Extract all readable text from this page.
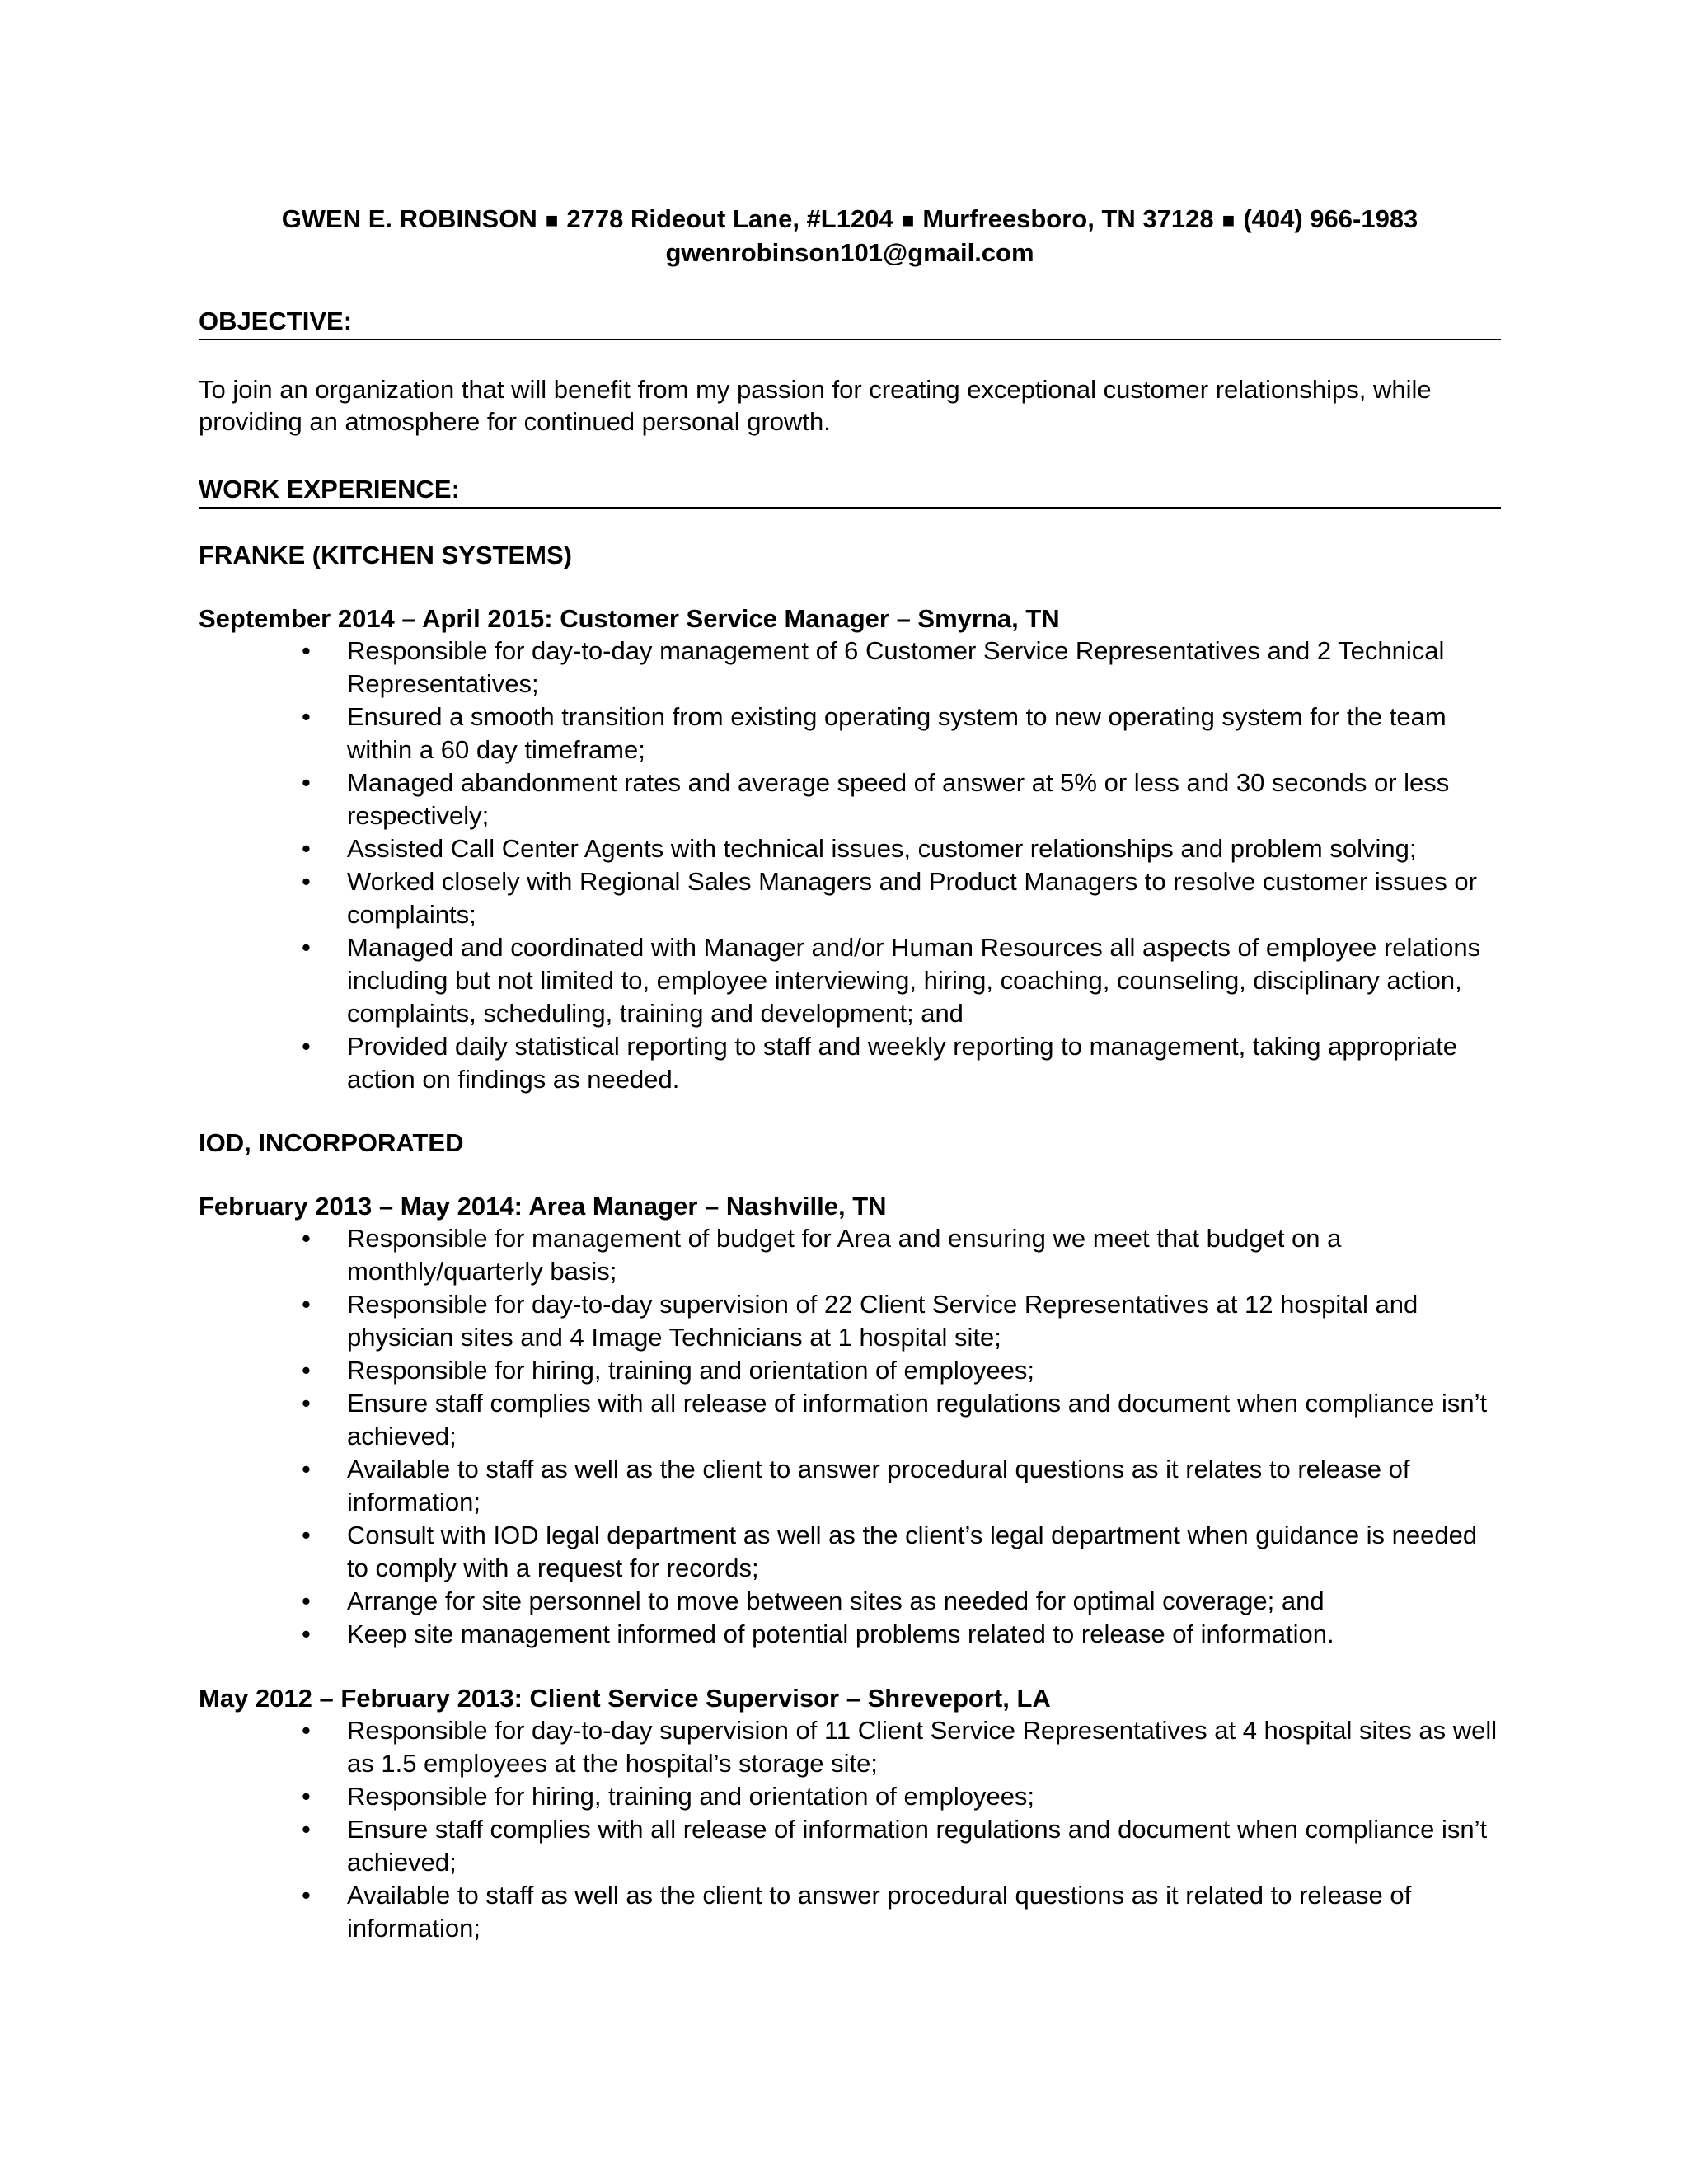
GWEN E. ROBINSON ■ 2778 Rideout Lane, #L1204 ■ Murfreesboro, TN 37128 ■ (404) 966-1983
gwenrobinson101@gmail.com
OBJECTIVE:
To join an organization that will benefit from my passion for creating exceptional customer relationships, while providing an atmosphere for continued personal growth.
WORK EXPERIENCE:
FRANKE (KITCHEN SYSTEMS)
September 2014 – April 2015: Customer Service Manager – Smyrna, TN
• Responsible for day-to-day management of 6 Customer Service Representatives and 2 Technical Representatives;
• Ensured a smooth transition from existing operating system to new operating system for the team within a 60 day timeframe;
• Managed abandonment rates and average speed of answer at 5% or less and 30 seconds or less respectively;
• Assisted Call Center Agents with technical issues, customer relationships and problem solving;
• Worked closely with Regional Sales Managers and Product Managers to resolve customer issues or complaints;
• Managed and coordinated with Manager and/or Human Resources all aspects of employee relations including but not limited to, employee interviewing, hiring, coaching, counseling, disciplinary action, complaints, scheduling, training and development; and
• Provided daily statistical reporting to staff and weekly reporting to management, taking appropriate action on findings as needed.
IOD, INCORPORATED
February 2013 – May 2014: Area Manager – Nashville, TN
• Responsible for management of budget for Area and ensuring we meet that budget on a monthly/quarterly basis;
• Responsible for day-to-day supervision of 22 Client Service Representatives at 12 hospital and physician sites and 4 Image Technicians at 1 hospital site;
• Responsible for hiring, training and orientation of employees;
• Ensure staff complies with all release of information regulations and document when compliance isn’t achieved;
• Available to staff as well as the client to answer procedural questions as it relates to release of information;
• Consult with IOD legal department as well as the client’s legal department when guidance is needed to comply with a request for records;
• Arrange for site personnel to move between sites as needed for optimal coverage; and
• Keep site management informed of potential problems related to release of information.
May 2012 – February 2013: Client Service Supervisor – Shreveport, LA
• Responsible for day-to-day supervision of 11 Client Service Representatives at 4 hospital sites as well as 1.5 employees at the hospital’s storage site;
• Responsible for hiring, training and orientation of employees;
• Ensure staff complies with all release of information regulations and document when compliance isn’t achieved;
• Available to staff as well as the client to answer procedural questions as it related to release of information;
